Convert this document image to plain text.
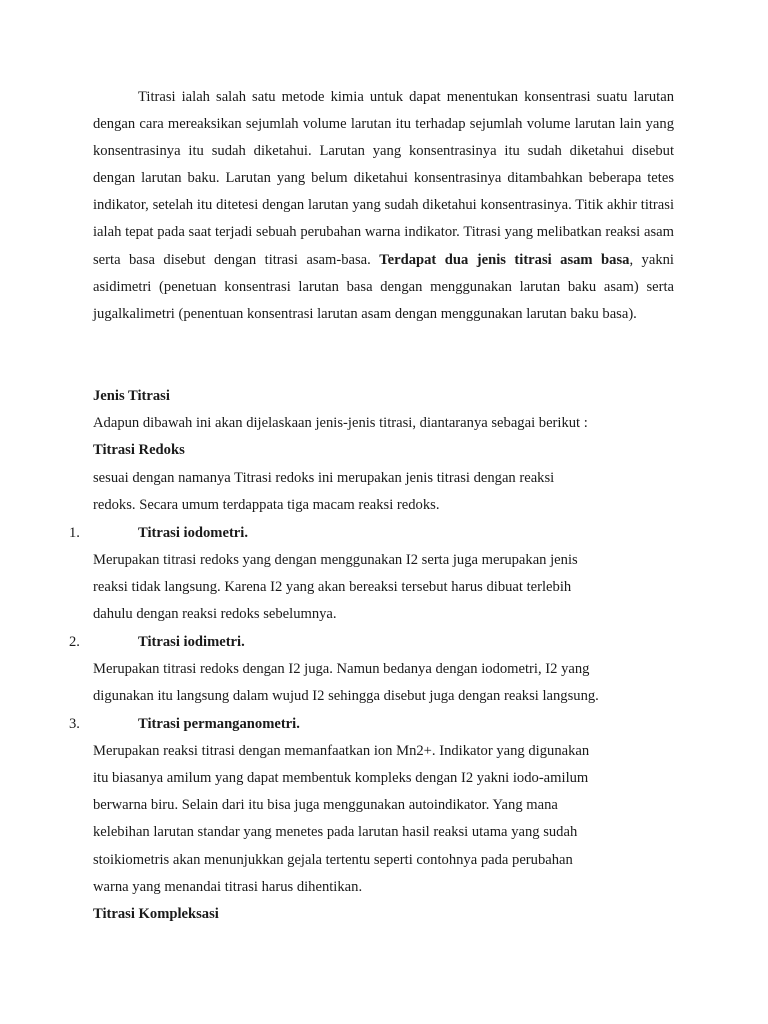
Titrasi ialah salah satu metode kimia untuk dapat menentukan konsentrasi suatu larutan dengan cara mereaksikan sejumlah volume larutan itu terhadap sejumlah volume larutan lain yang konsentrasinya itu sudah diketahui. Larutan yang konsentrasinya itu sudah diketahui disebut dengan larutan baku. Larutan yang belum diketahui konsentrasinya ditambahkan beberapa tetes indikator, setelah itu ditetesi dengan larutan yang sudah diketahui konsentrasinya. Titik akhir titrasi ialah tepat pada saat terjadi sebuah perubahan warna indikator. Titrasi yang melibatkan reaksi asam serta basa disebut dengan titrasi asam-basa. Terdapat dua jenis titrasi asam basa, yakni asidimetri (penetuan konsentrasi larutan basa dengan menggunakan larutan baku asam) serta jugalkalimetri (penentuan konsentrasi larutan asam dengan menggunakan larutan baku basa).

Jenis Titrasi
Adapun dibawah ini akan dijelaskaan jenis-jenis titrasi, diantaranya sebagai berikut :
Titrasi Redoks
sesuai dengan namanya Titrasi redoks ini merupakan jenis titrasi dengan reaksi
redoks. Secara umum terdappata tiga macam reaksi redoks.
1.	Titrasi iodometri.
Merupakan titrasi redoks yang dengan menggunakan I2 serta juga merupakan jenis
reaksi tidak langsung. Karena I2 yang akan bereaksi tersebut harus dibuat terlebih
dahulu dengan reaksi redoks sebelumnya.
2.	Titrasi iodimetri.
Merupakan titrasi redoks dengan I2 juga. Namun bedanya dengan iodometri, I2 yang
digunakan itu langsung dalam wujud I2 sehingga disebut juga dengan reaksi langsung.
3.	Titrasi permanganometri.
Merupakan reaksi titrasi dengan memanfaatkan ion Mn2+. Indikator yang digunakan
itu biasanya amilum yang dapat membentuk kompleks dengan I2 yakni iodo-amilum
berwarna biru. Selain dari itu bisa juga menggunakan autoindikator. Yang mana
kelebihan larutan standar yang menetes pada larutan hasil reaksi utama yang sudah
stoikiometris akan menunjukkan gejala tertentu seperti contohnya pada perubahan
warna yang menandai titrasi harus dihentikan.
Titrasi Kompleksasi
